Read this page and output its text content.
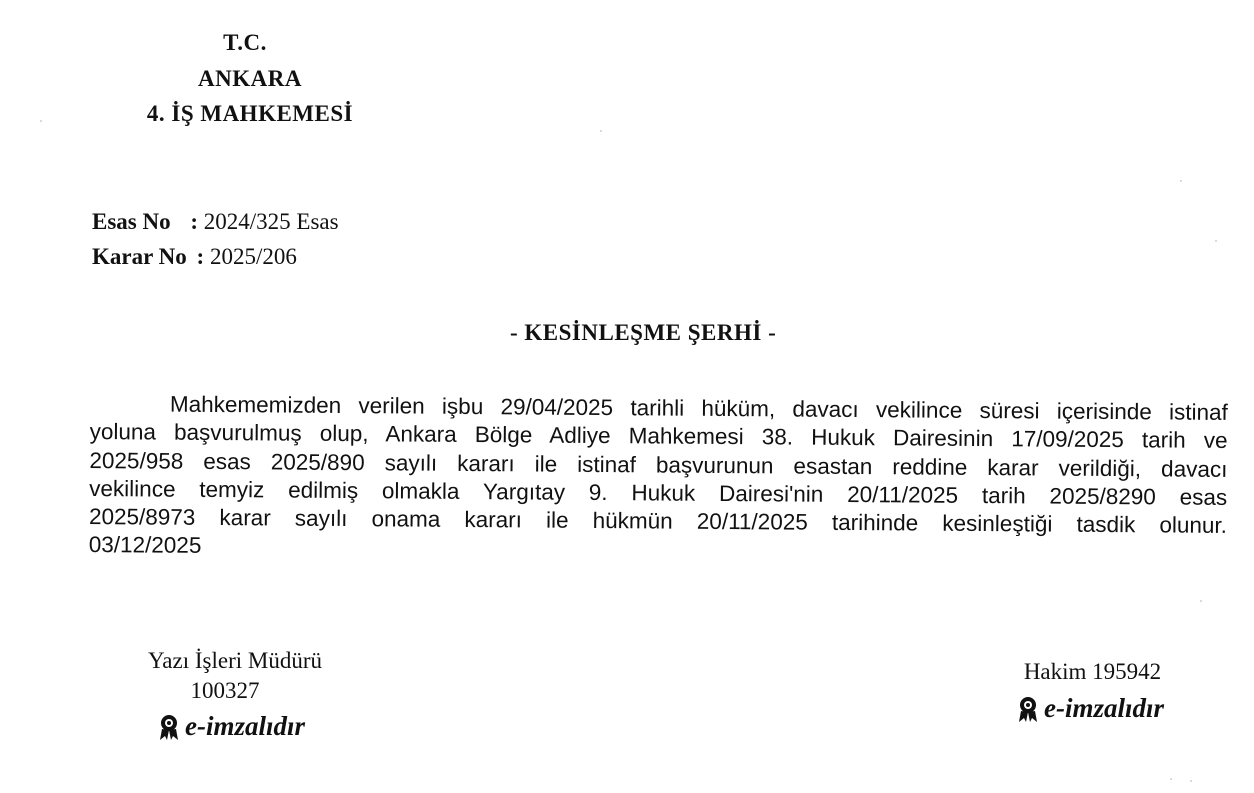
T.C.
ANKARA
4. İŞ MAHKEMESİ
Esas No : 2024/325 Esas
Karar No : 2025/206
- KESİNLEŞME ŞERHİ -
Mahkememizden verilen işbu 29/04/2025 tarihli hüküm, davacı vekilince süresi içerisinde istinaf
yoluna başvurulmuş olup, Ankara Bölge Adliye Mahkemesi 38. Hukuk Dairesinin 17/09/2025 tarih ve
2025/958 esas 2025/890 sayılı kararı ile istinaf başvurunun esastan reddine karar verildiği, davacı
vekilince temyiz edilmiş olmakla Yargıtay 9. Hukuk Dairesi'nin 20/11/2025 tarih 2025/8290 esas
2025/8973 karar sayılı onama kararı ile hükmün 20/11/2025 tarihinde kesinleştiği tasdik olunur.
03/12/2025
Yazı İşleri Müdürü
100327
e-imzalıdır
Hakim 195942
e-imzalıdır
